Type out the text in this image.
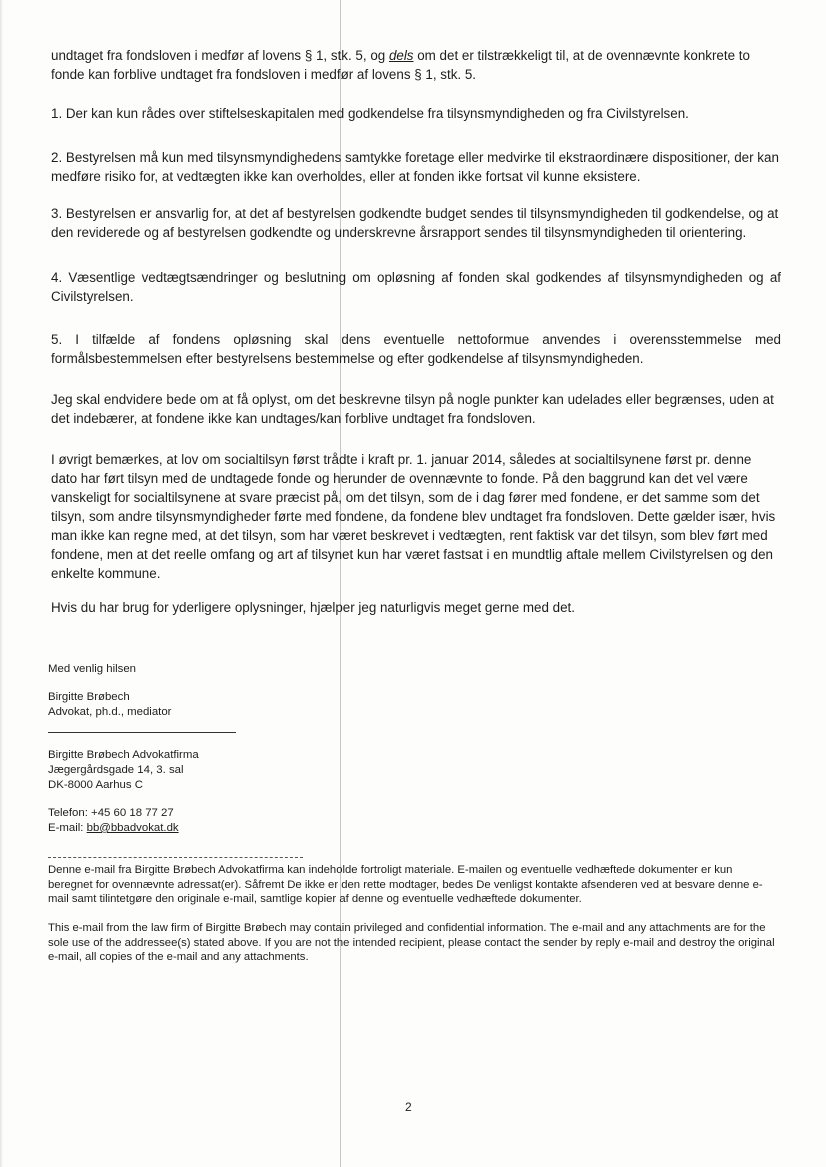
undtaget fra fondsloven i medfør af lovens § 1, stk. 5, og dels om det er tilstrækkeligt til, at de ovennævnte konkrete to fonde kan forblive undtaget fra fondsloven i medfør af lovens § 1, stk. 5.

1. Der kan kun rådes over stiftelseskapitalen med godkendelse fra tilsynsmyndigheden og fra Civilstyrelsen.

2. Bestyrelsen må kun med tilsynsmyndighedens samtykke foretage eller medvirke til ekstraordinære dispositioner, der kan medføre risiko for, at vedtægten ikke kan overholdes, eller at fonden ikke fortsat vil kunne eksistere.

3. Bestyrelsen er ansvarlig for, at det af bestyrelsen godkendte budget sendes til tilsynsmyndigheden til godkendelse, og at den reviderede og af bestyrelsen godkendte og underskrevne årsrapport sendes til tilsynsmyndigheden til orientering.

4. Væsentlige vedtægtsændringer og beslutning om opløsning af fonden skal godkendes af tilsynsmyndigheden og af Civilstyrelsen.

5. I tilfælde af fondens opløsning skal dens eventuelle nettoformue anvendes i overensstemmelse med formålsbestemmelsen efter bestyrelsens bestemmelse og efter godkendelse af tilsynsmyndigheden.

Jeg skal endvidere bede om at få oplyst, om det beskrevne tilsyn på nogle punkter kan udelades eller begrænses, uden at det indebærer, at fondene ikke kan undtages/kan forblive undtaget fra fondsloven.

I øvrigt bemærkes, at lov om socialtilsyn først trådte i kraft pr. 1. januar 2014, således at socialtilsynene først pr. denne dato har ført tilsyn med de undtagede fonde og herunder de ovennævnte to fonde. På den baggrund kan det vel være vanskeligt for socialtilsynene at svare præcist på, om det tilsyn, som de i dag fører med fondene, er det samme som det tilsyn, som andre tilsynsmyndigheder førte med fondene, da fondene blev undtaget fra fondsloven. Dette gælder især, hvis man ikke kan regne med, at det tilsyn, som har været beskrevet i vedtægten, rent faktisk var det tilsyn, som blev ført med fondene, men at det reelle omfang og art af tilsynet kun har været fastsat i en mundtlig aftale mellem Civilstyrelsen og den enkelte kommune.

Hvis du har brug for yderligere oplysninger, hjælper jeg naturligvis meget gerne med det.

Med venlig hilsen
Birgitte Brøbech
Advokat, ph.d., mediator
Birgitte Brøbech Advokatfirma
Jægergårdsgade 14, 3. sal
DK-8000 Aarhus C
Telefon: +45 60 18 77 27
E-mail: bb@bbadvokat.dk
Denne e-mail fra Birgitte Brøbech Advokatfirma kan indeholde fortroligt materiale. E-mailen og eventuelle vedhæftede dokumenter er kun beregnet for ovennævnte adressat(er). Såfremt De ikke er den rette modtager, bedes De venligst kontakte afsenderen ved at besvare denne e-mail samt tilintetgøre den originale e-mail, samtlige kopier af denne og eventuelle vedhæftede dokumenter.
This e-mail from the law firm of Birgitte Brøbech may contain privileged and confidential information. The e-mail and any attachments are for the sole use of the addressee(s) stated above. If you are not the intended recipient, please contact the sender by reply e-mail and destroy the original e-mail, all copies of the e-mail and any attachments.
2
